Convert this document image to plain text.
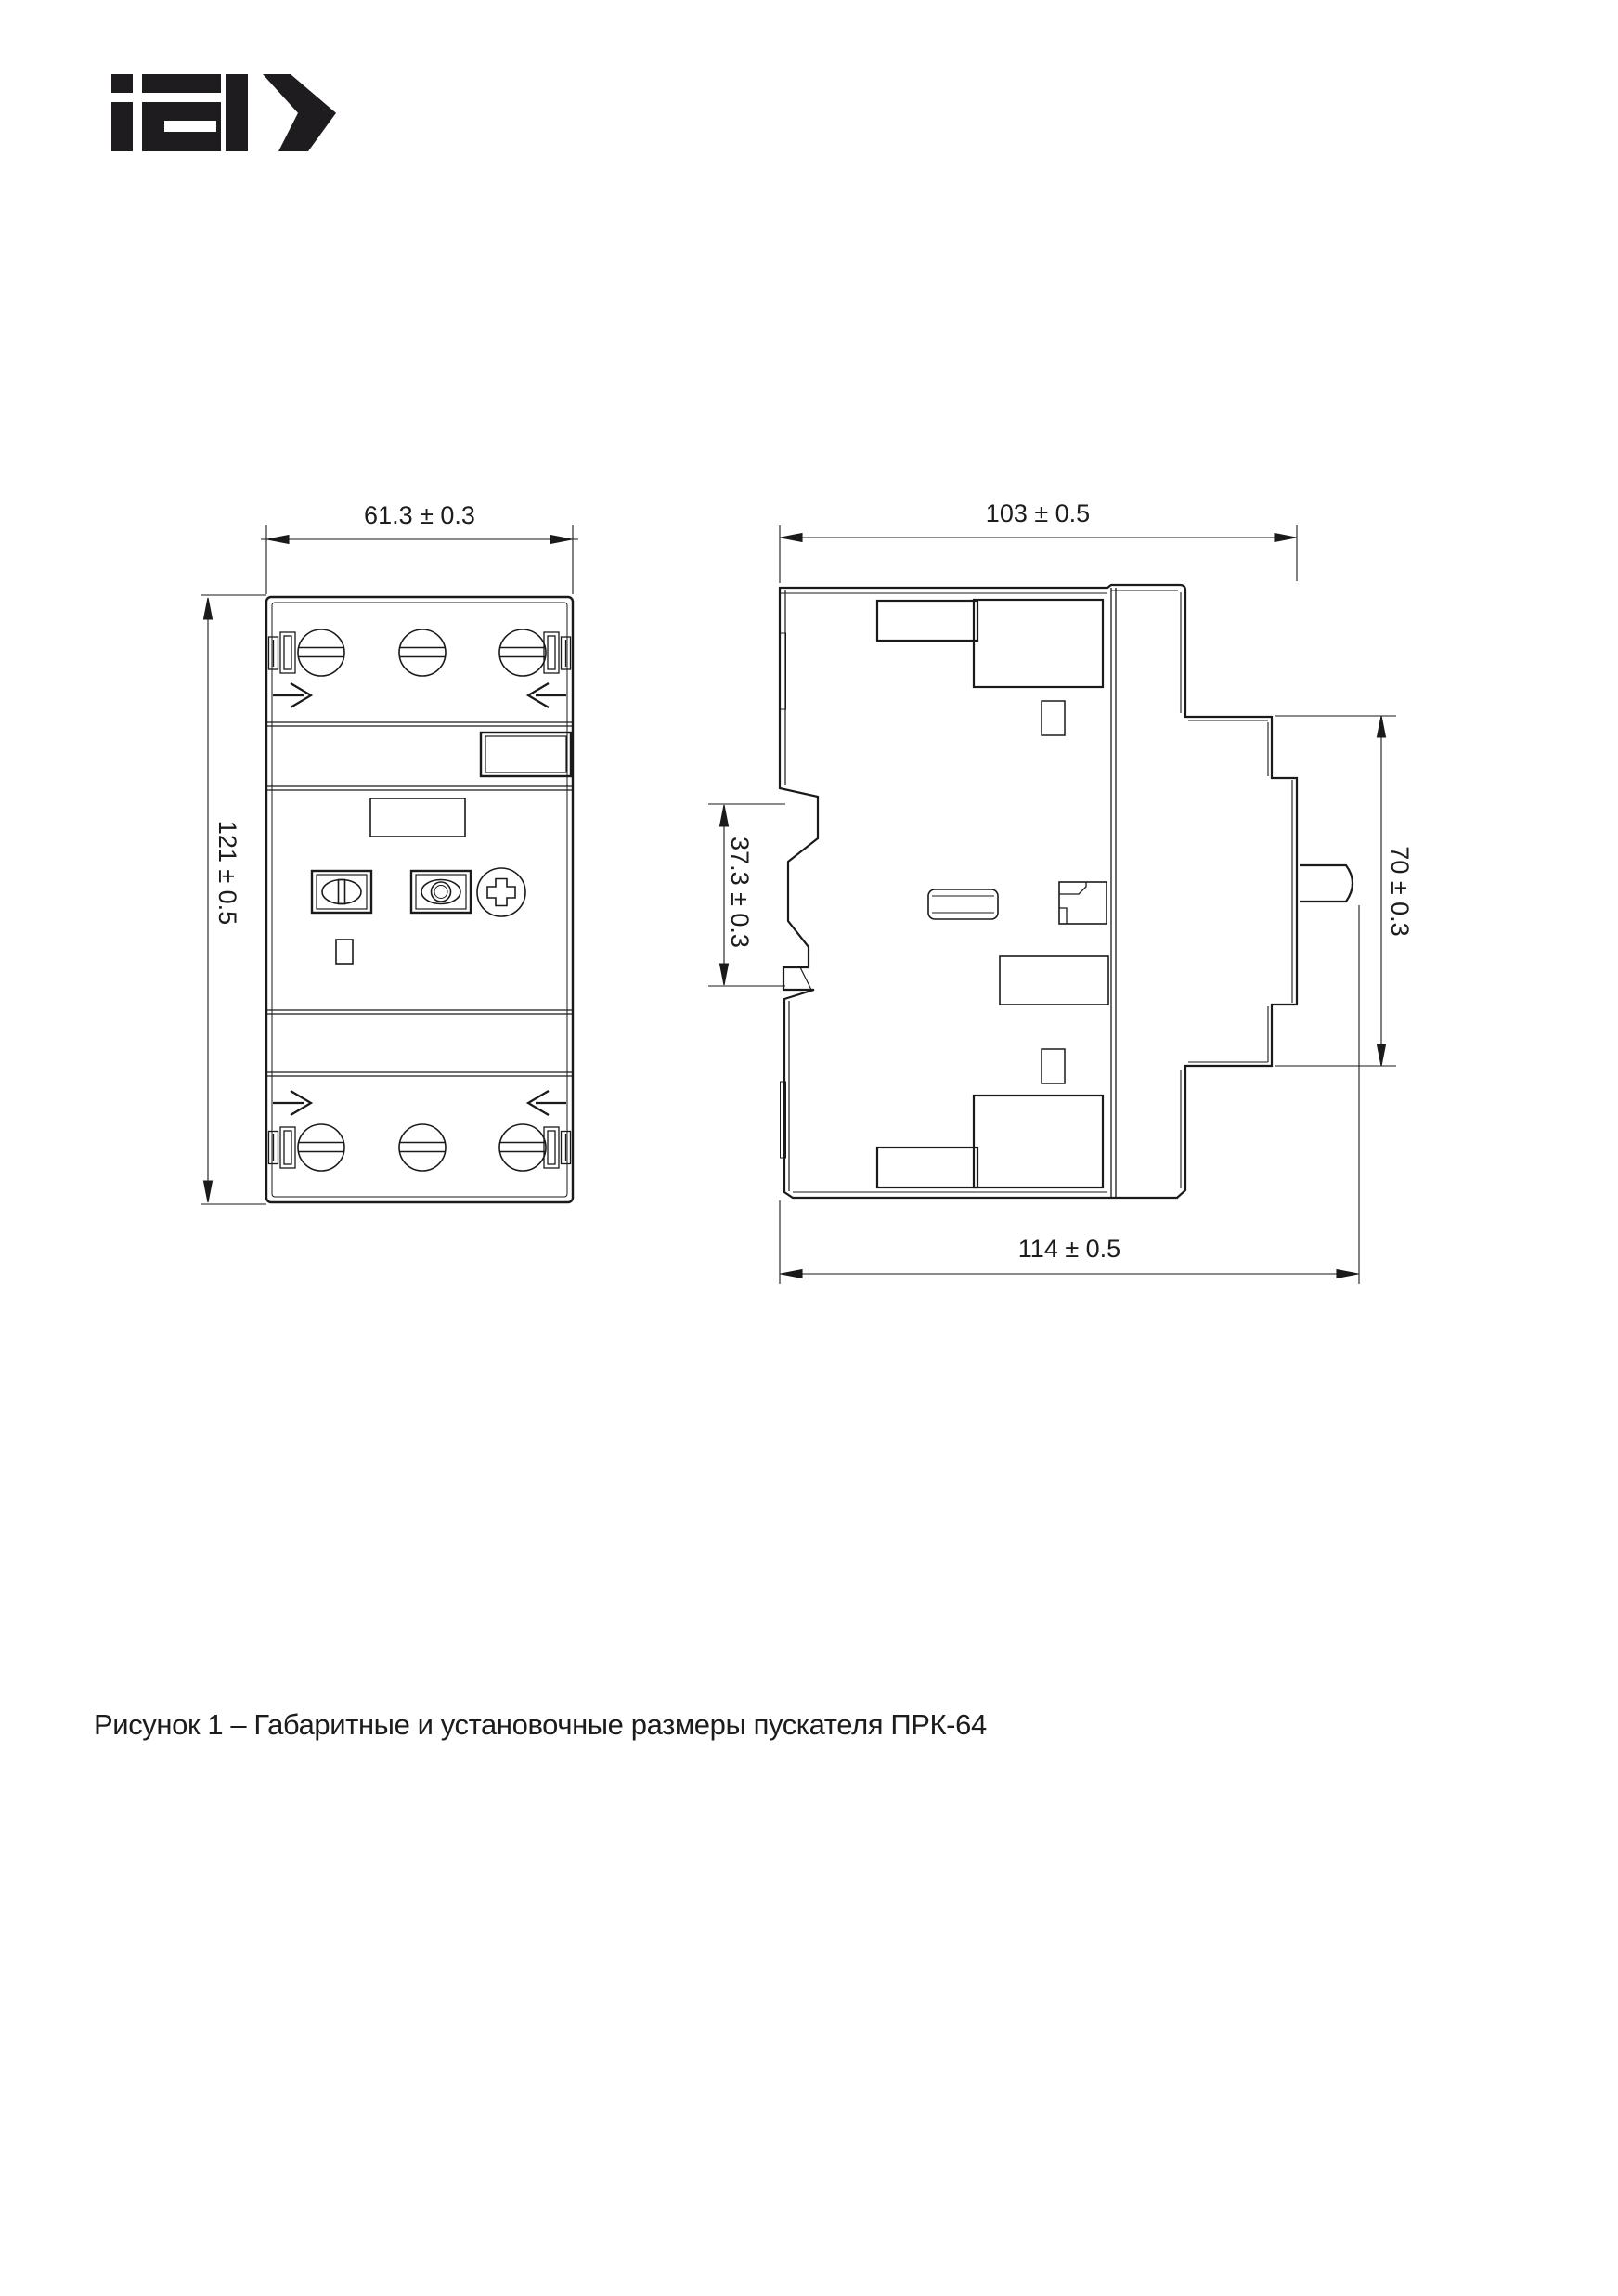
61.3 ± 0.3
121 ± 0.5
103 ± 0.5
37.3 ± 0.3	70 ± 0.3
114 ± 0.5
Рисунок 1 – Габаритные и установочные размеры пускателя ПРК-64
